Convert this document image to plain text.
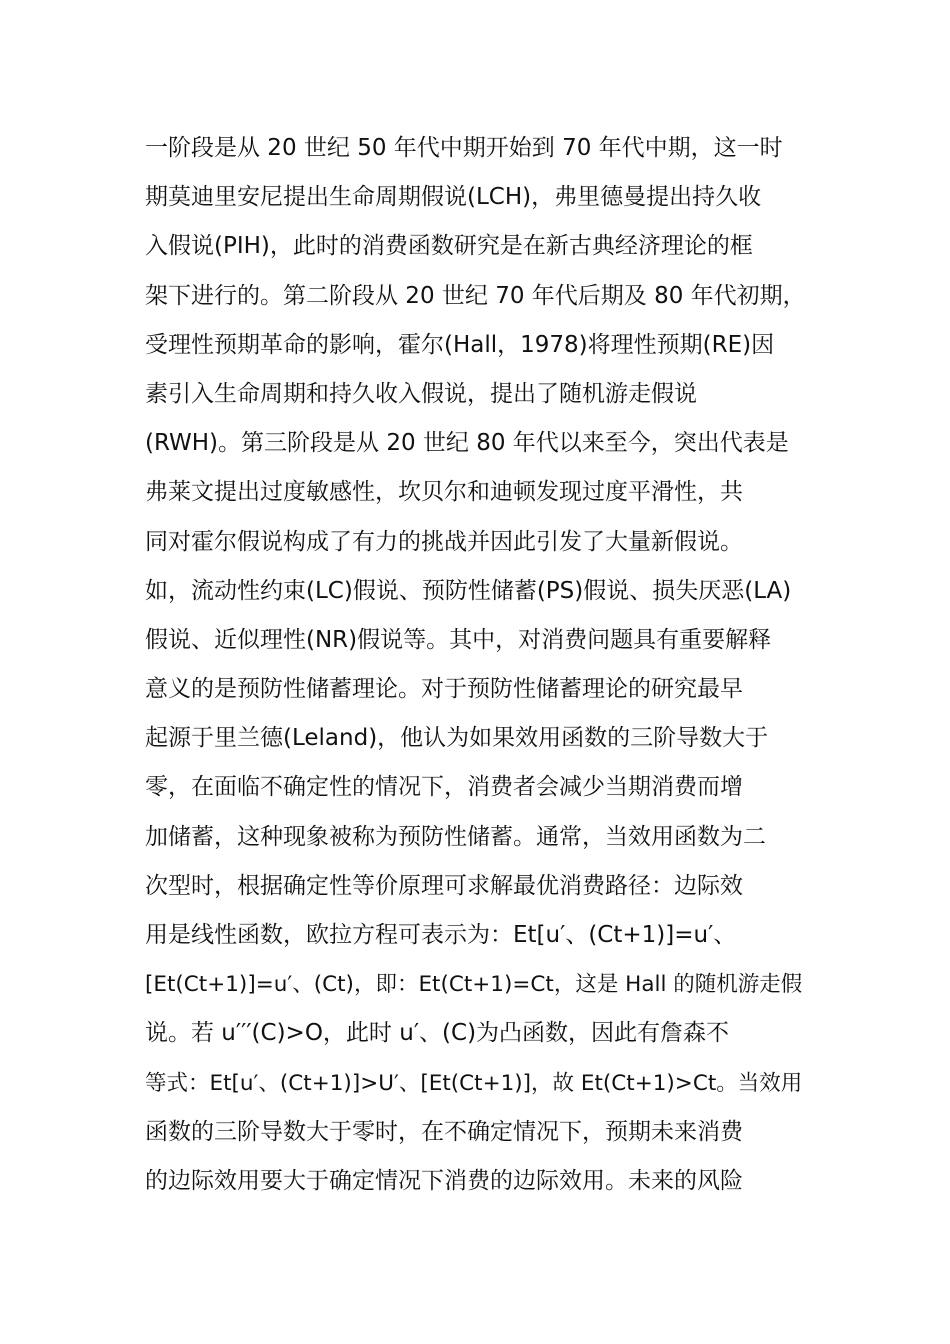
一阶段是从 20 世纪 50 年代中期开始到 70 年代中期，这一时
期莫迪里安尼提出生命周期假说(LCH)，弗里德曼提出持久收
入假说(PIH)，此时的消费函数研究是在新古典经济理论的框
架下进行的。第二阶段从 20 世纪 70 年代后期及 80 年代初期，
受理性预期革命的影响，霍尔(Hall，1978)将理性预期(RE)因
素引入生命周期和持久收入假说，提出了随机游走假说
(RWH)。第三阶段是从 20 世纪 80 年代以来至今，突出代表是
弗莱文提出过度敏感性，坎贝尔和迪顿发现过度平滑性，共
同对霍尔假说构成了有力的挑战并因此引发了大量新假说。
如，流动性约束(LC)假说、预防性储蓄(PS)假说、损失厌恶(LA)
假说、近似理性(NR)假说等。其中，对消费问题具有重要解释
意义的是预防性储蓄理论。对于预防性储蓄理论的研究最早
起源于里兰德(Leland)，他认为如果效用函数的三阶导数大于
零，在面临不确定性的情况下，消费者会减少当期消费而增
加储蓄，这种现象被称为预防性储蓄。通常，当效用函数为二
次型时，根据确定性等价原理可求解最优消费路径：边际效
用是线性函数，欧拉方程可表示为：Et[u′、(Ct+1)]=u′、
[Et(Ct+1)]=u′、(Ct)，即：Et(Ct+1)=Ct，这是 Hall 的随机游走假
说。若 u′′′(C)>O，此时 u′、(C)为凸函数，因此有詹森不
等式：Et[u′、(Ct+1)]>U′、[Et(Ct+1)]，故 Et(Ct+1)>Ct。当效用
函数的三阶导数大于零时，在不确定情况下，预期未来消费
的边际效用要大于确定情况下消费的边际效用。未来的风险
